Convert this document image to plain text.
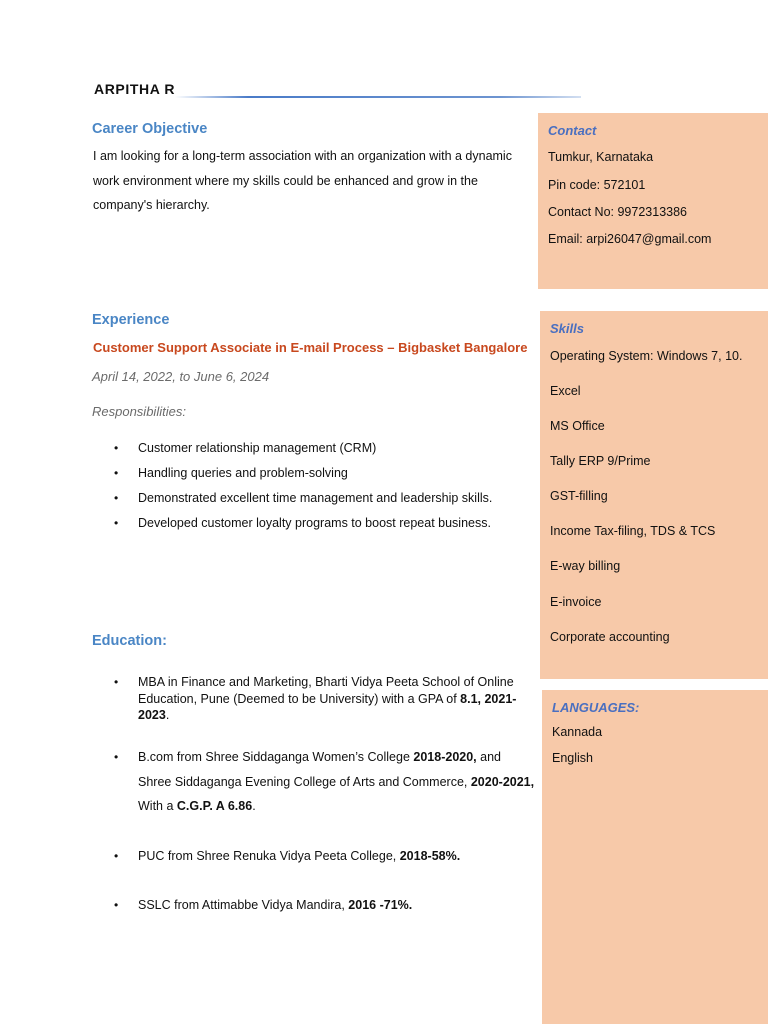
ARPITHA R
Career Objective
I am looking for a long-term association with an organization with a dynamic
work environment where my skills could be enhanced and grow in the
company's hierarchy.
Experience
Customer Support Associate in E-mail Process – Bigbasket Bangalore
April 14, 2022, to June 6, 2024
Responsibilities:
• Customer relationship management (CRM)
• Handling queries and problem-solving
• Demonstrated excellent time management and leadership skills.
• Developed customer loyalty programs to boost repeat business.
Education:
• MBA in Finance and Marketing, Bharti Vidya Peeta School of Online
Education, Pune (Deemed to be University) with a GPA of 8.1, 2021-
2023.
• B.com from Shree Siddaganga Women’s College 2018-2020, and
Shree Siddaganga Evening College of Arts and Commerce, 2020-2021,
With a C.G.P. A 6.86.
• PUC from Shree Renuka Vidya Peeta College, 2018-58%.
• SSLC from Attimabbe Vidya Mandira, 2016 -71%.
Contact
Tumkur, Karnataka
Pin code: 572101
Contact No: 9972313386
Email: arpi26047@gmail.com
Skills
Operating System: Windows 7, 10.
Excel
MS Office
Tally ERP 9/Prime
GST-filling
Income Tax-filing, TDS & TCS
E-way billing
E-invoice
Corporate accounting
LANGUAGES:
Kannada
English
